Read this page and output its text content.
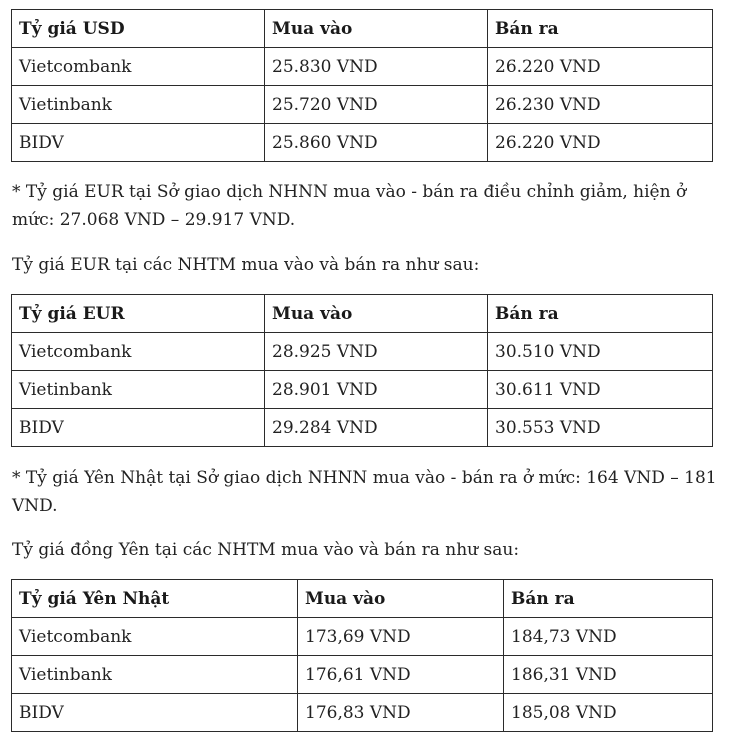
Tỷ giá USD	Mua vào	Bán ra
Vietcombank	25.830 VND	26.220 VND
Vietinbank	25.720 VND	26.230 VND
BIDV	25.860 VND	26.220 VND

* Tỷ giá EUR tại Sở giao dịch NHNN mua vào - bán ra điều chỉnh giảm, hiện ở mức: 27.068 VND – 29.917 VND.

Tỷ giá EUR tại các NHTM mua vào và bán ra như sau:

Tỷ giá EUR	Mua vào	Bán ra
Vietcombank	28.925 VND	30.510 VND
Vietinbank	28.901 VND	30.611 VND
BIDV	29.284 VND	30.553 VND

* Tỷ giá Yên Nhật tại Sở giao dịch NHNN mua vào - bán ra ở mức: 164 VND – 181 VND.

Tỷ giá đồng Yên tại các NHTM mua vào và bán ra như sau:

Tỷ giá Yên Nhật	Mua vào	Bán ra
Vietcombank	173,69 VND	184,73 VND
Vietinbank	176,61 VND	186,31 VND
BIDV	176,83 VND	185,08 VND
